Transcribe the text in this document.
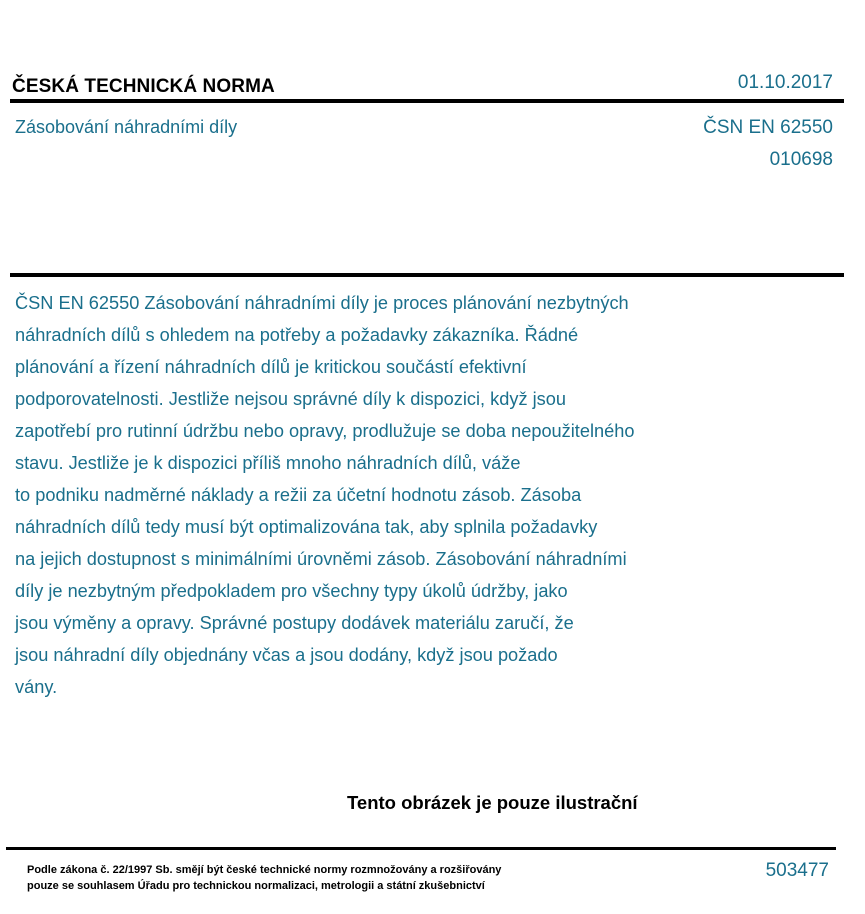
ČESKÁ TECHNICKÁ NORMA	01.10.2017
Zásobování náhradními díly	ČSN EN 62550
010698
ČSN EN 62550 Zásobování náhradními díly je proces plánování nezbytných
náhradních dílů s ohledem na potřeby a požadavky zákazníka. Řádné
plánování a řízení náhradních dílů je kritickou součástí efektivní
podporovatelnosti. Jestliže nejsou správné díly k dispozici, když jsou
zapotřebí pro rutinní údržbu nebo opravy, prodlužuje se doba nepoužitelného
stavu. Jestliže je k dispozici příliš mnoho náhradních dílů, váže
to podniku nadměrné náklady a režii za účetní hodnotu zásob. Zásoba
náhradních dílů tedy musí být optimalizována tak, aby splnila požadavky
na jejich dostupnost s minimálními úrovněmi zásob. Zásobování náhradními
díly je nezbytným předpokladem pro všechny typy úkolů údržby, jako
jsou výměny a opravy. Správné postupy dodávek materiálu zaručí, že
jsou náhradní díly objednány včas a jsou dodány, když jsou požado
vány.
Tento obrázek je pouze ilustrační
Podle zákona č. 22/1997 Sb. smějí být české technické normy rozmnožovány a rozšiřovány
pouze se souhlasem Úřadu pro technickou normalizaci, metrologii a státní zkušebnictví
503477
